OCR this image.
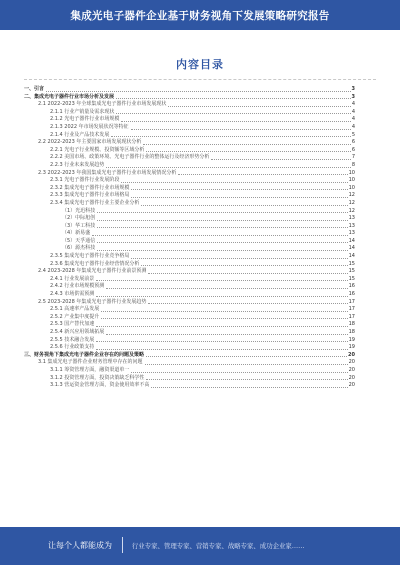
集成光电子器件企业基于财务视角下发展策略研究报告
内容目录
一、引言	3
二、集成光电子器件行业市场分析及发展	3
2.1 2022-2023 年全球集成光电子器件行业市场发展现状	4
2.1.1 行业产销量及需求现状	4
2.1.2 光电子器件行业市场规模	4
2.1.3 2022 年市场发展状况等特征	4
2.1.4 行业及产品技术发展	5
2.2 2022-2023 年主要国家市场发展现状分析	6
2.2.1 光电子行业规模、投资额等区域分析	6
2.2.2 美国市场、政策环境、光电子器件行业的整体运行及经济形势分析	7
2.2.3 行业未来发展趋势	8
2.3 2022-2023 年我国集成光电子器件行业市场发展情况分析	10
2.3.1 光电子器件行业发展阶段	10
2.3.2 集成光电子器件行业市场规模	10
2.3.3 集成光电子器件行业市场格局	12
2.3.4 集成光电子器件行业主要企业分析	12
（1）光迅科技	12
（2）中际旭创	13
（3）华工科技	13
（4）新易盛	13
（5）天孚通信	14
（6）源杰科技	14
2.3.5 集成光电子器件行业竞争格局	14
2.3.6 集成光电子器件行业经营情况分析	15
2.4 2023-2028 年集成光电子器件行业前景预测	15
2.4.1 行业发展前景	15
2.4.2 行业市场规模预测	16
2.4.3 市场供需预测	16
2.5 2023-2028 年集成光电子器件行业发展趋势	17
2.5.1 高速率产品发展	17
2.5.2 产业集中度提升	17
2.5.3 国产替代加速	18
2.5.4 新兴应用领域拓展	18
2.5.5 技术融合发展	19
2.5.6 行业政策支持	19
三、财务视角下集成光电子器件企业存在的问题及策略	20
3.1 集成光电子器件企业财务管理中存在的问题	20
3.1.1 筹资管理方面，融资渠道单一	20
3.1.2 投资管理方面，投资决策缺乏科学性	20
3.1.3 营运资金管理方面，资金使用效率不高	20
让每个人都能成为	行业专家、管理专家、营销专家、战略专家、成功企业家……
